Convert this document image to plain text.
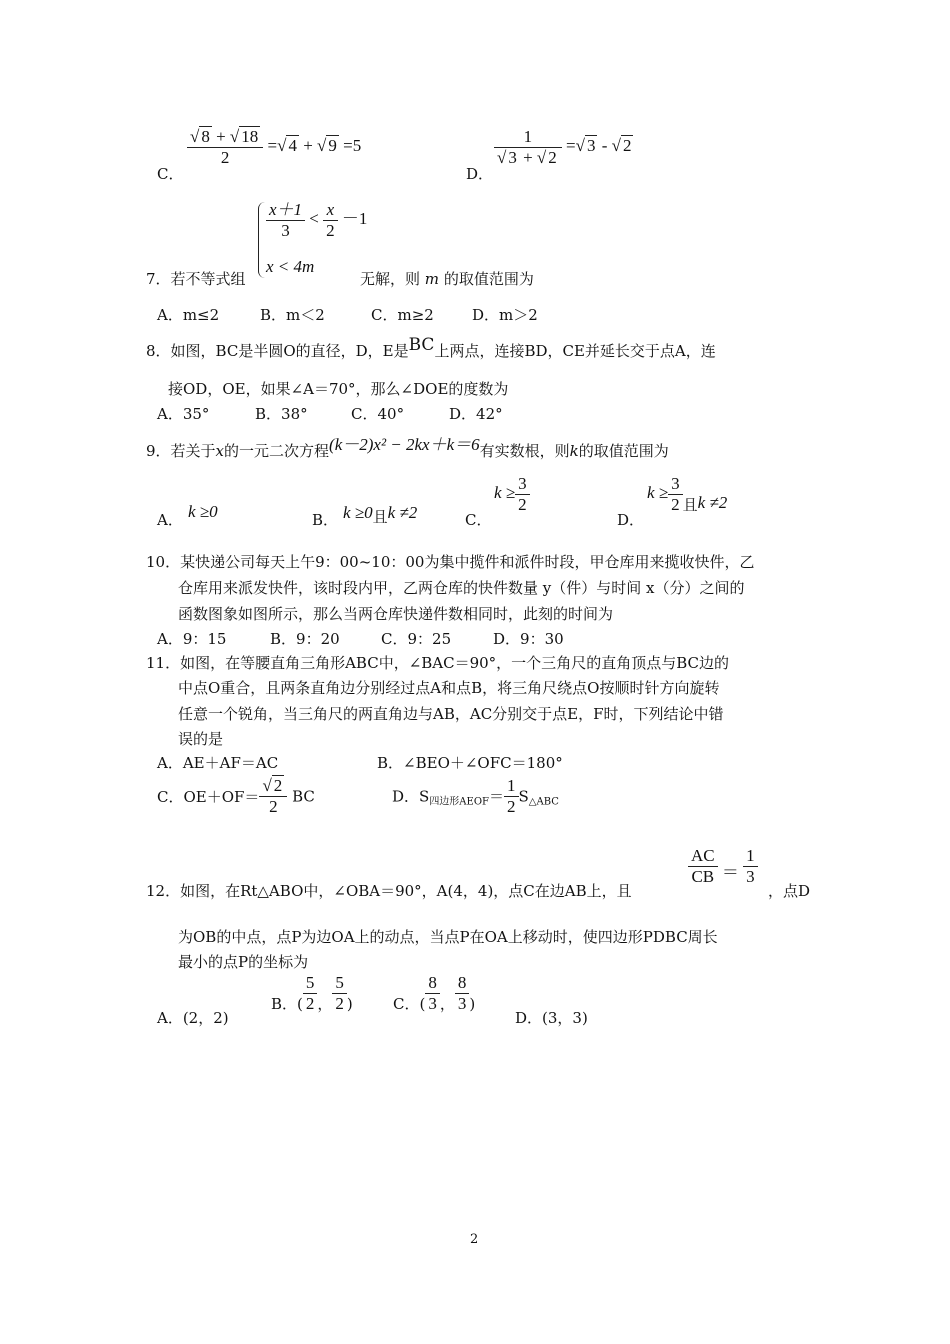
C．
$\frac{√ 8 + √ 18}{2}$ =√ 4 + √ 9 =5
D．
$\frac{1}{√ 3 + √ 2}$ =√ 3 - √ 2
7．若不等式组
$\frac{x+1}{3} < \frac{x}{2} -1$
x < 4m
无解，则 m 的取值范围为
A．m≤2	B．m＜2	C．m≥2	D．m＞2
8．如图，BC是半圆O的直径，D，E是BC上两点，连接BD，CE并延长交于点A，连
接OD，OE，如果∠A＝70°，那么∠DOE的度数为
A．35°	B．38°	C．40°	D．42°
9．若关于x的一元二次方程(k－2)x² − 2kx＋k＝6有实数根，则k的取值范围为
A． k ≥0	B． k ≥0且k ≠2	C．
$k \ge \frac{3}{2}$
D．
$k \ge \frac{3}{2}$ 且k ≠2
10．某快递公司每天上午9：00~10：00为集中揽件和派件时段，甲仓库用来揽收快件，乙
仓库用来派发快件，该时段内甲，乙两仓库的快件数量 y（件）与时间 x（分）之间的
函数图象如图所示，那么当两仓库快递件数相同时，此刻的时间为
A．9：15	B．9：20	C．9：25	D．9：30
11．如图，在等腰直角三角形ABC中，∠BAC＝90°，一个三角尺的直角顶点与BC边的
中点O重合，且两条直角边分别经过点A和点B，将三角尺绕点O按顺时针方向旋转
任意一个锐角，当三角尺的两直角边与AB，AC分别交于点E，F时，下列结论中错
误的是
A．AE＋AF＝AC	B．∠BEO＋∠OFC＝180°
C．$OE+OF= \frac{√ 2}{2}$ BC	D．$S_{四边形AEOF}= \frac{1}{2} S_{\triangle ABC}$
12．如图，在Rt△ABO中，∠OBA＝90°，A(4，4)，点C在边AB上，且
$\frac{AC}{CB} = \frac{1}{3}$
，点D
为OB的中点，点P为边OA上的动点，当点P在OA上移动时，使四边形PDBC周长
最小的点P的坐标为
A．(2，2)
B．( $\frac{5}{2}$ ， $\frac{5}{2}$ )	C．( $\frac{8}{3}$ ， $\frac{8}{3}$ )
D．(3，3)
2
